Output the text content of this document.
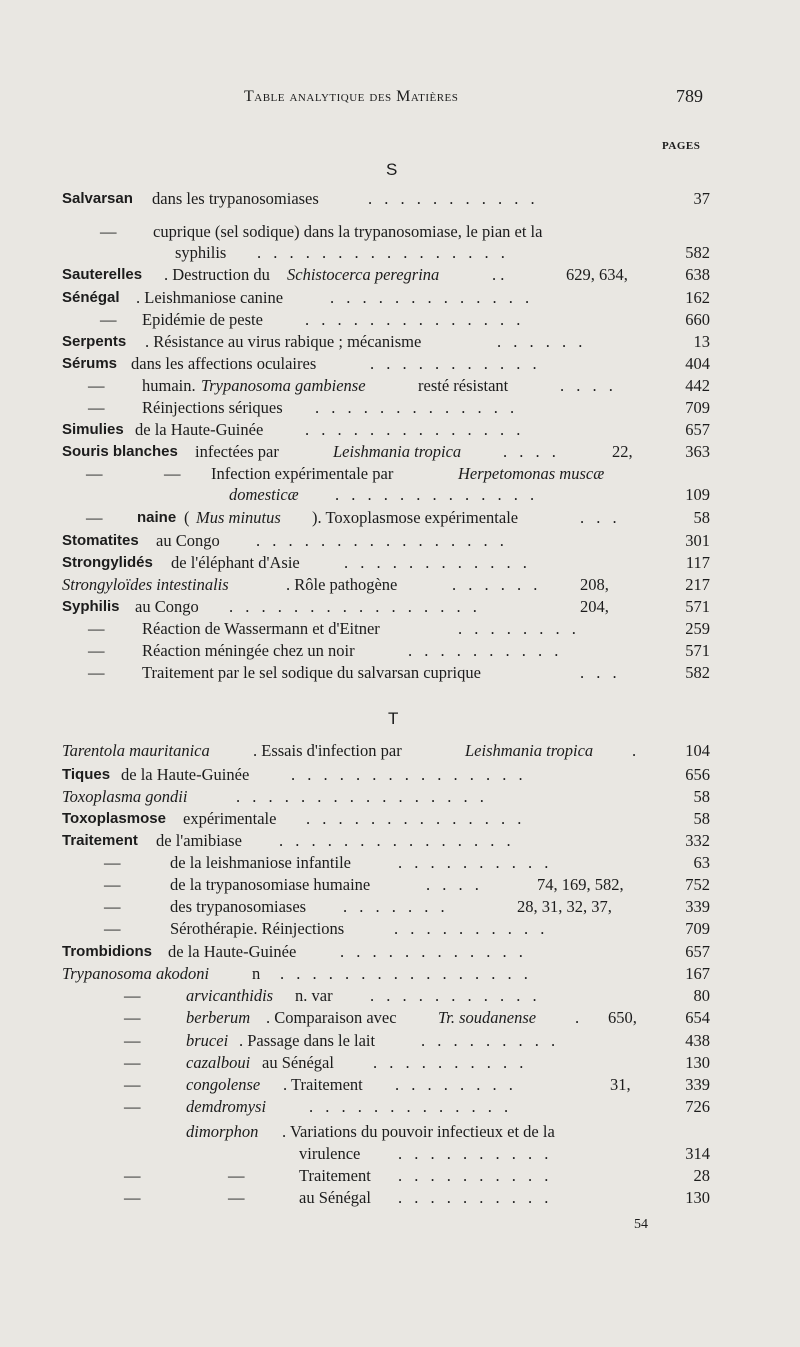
Table analytique des Matières	789
PAGES
S
T
Salvarsan dans les trypanosomiases	. . . . . . . . . . .	37
— cuprique (sel sodique) dans la trypanosomiase, le pian et la
syphilis . . . . . . . . . . . . . . . .	582
Sauterelles . Destruction du Schistocerca peregrina	. .	629, 634,	638
Sénégal . Leishmaniose canine	. . . . . . . . . . . . .	162
— Epidémie de peste	. . . . . . . . . . . . . .	660
Serpents . Résistance au virus rabique ; mécanisme	. . . . . .	13
Sérums dans les affections oculaires	. . . . . . . . . . .	404
— humain. Trypanosoma gambiense	resté résistant	. . . .	442
— Réinjections sériques . . . . . . . . . . . . .	709
Simulies de la Haute-Guinée	. . . . . . . . . . . . . .	657
Souris blanches infectées par	Leishmania tropica	. . . .	22,	363
—	— Infection expérimentale par	Herpetomonas muscæ
domesticæ . . . . . . . . . . . . .	109
— naine ( Mus minutus ). Toxoplasmose expérimentale	. . .	58
Stomatites au Congo . . . . . . . . . . . . . . . .	301
Strongylidés de l'éléphant d'Asie	. . . . . . . . . . . .	117
Strongyloïdes intestinalis	. Rôle pathogène	. . . . . . 208,	217
Syphilis au Congo . . . . . . . . . . . . . . . .	204,	571
— Réaction de Wassermann et d'Eitner	. . . . . . . .	259
— Réaction méningée chez un noir	. . . . . . . . . .	571
— Traitement par le sel sodique du salvarsan cuprique	. . .	582
Tarentola mauritanica	. Essais d'infection par	Leishmania tropica .	104
Tiques de la Haute-Guinée	. . . . . . . . . . . . . . .	656
Toxoplasma gondii	. . . . . . . . . . . . . . . .	58
Toxoplasmose expérimentale . . . . . . . . . . . . . .	58
Traitement de l'amibiase . . . . . . . . . . . . . . .	332
—	de la leishmaniose infantile	. . . . . . . . . .	63
—	de la trypanosomiase humaine	. . . .	74, 169, 582,	752
—	des trypanosomiases . . . . . . .	28, 31, 32, 37,	339
—	Sérothérapie. Réinjections	. . . . . . . . . .	709
Trombidions de la Haute-Guinée	. . . . . . . . . . . .	657
Trypanosoma akodoni	n . . . . . . . . . . . . . . . .	167
—	arvicanthidis n. var . . . . . . . . . . .	80
—	berberum . Comparaison avec	Tr. soudanense . 650,	654
—	brucei . Passage dans le lait	. . . . . . . . .	438
—	cazalboui au Sénégal . . . . . . . . . .	130
—	congolense . Traitement . . . . . . . .	31,	339
—	demdromysi	. . . . . . . . . . . . .	726
dimorphon . Variations du pouvoir infectieux et de la
virulence . . . . . . . . . .	314
—	—	Traitement . . . . . . . . . .	28
—	—	au Sénégal . . . . . . . . . .	130
54
